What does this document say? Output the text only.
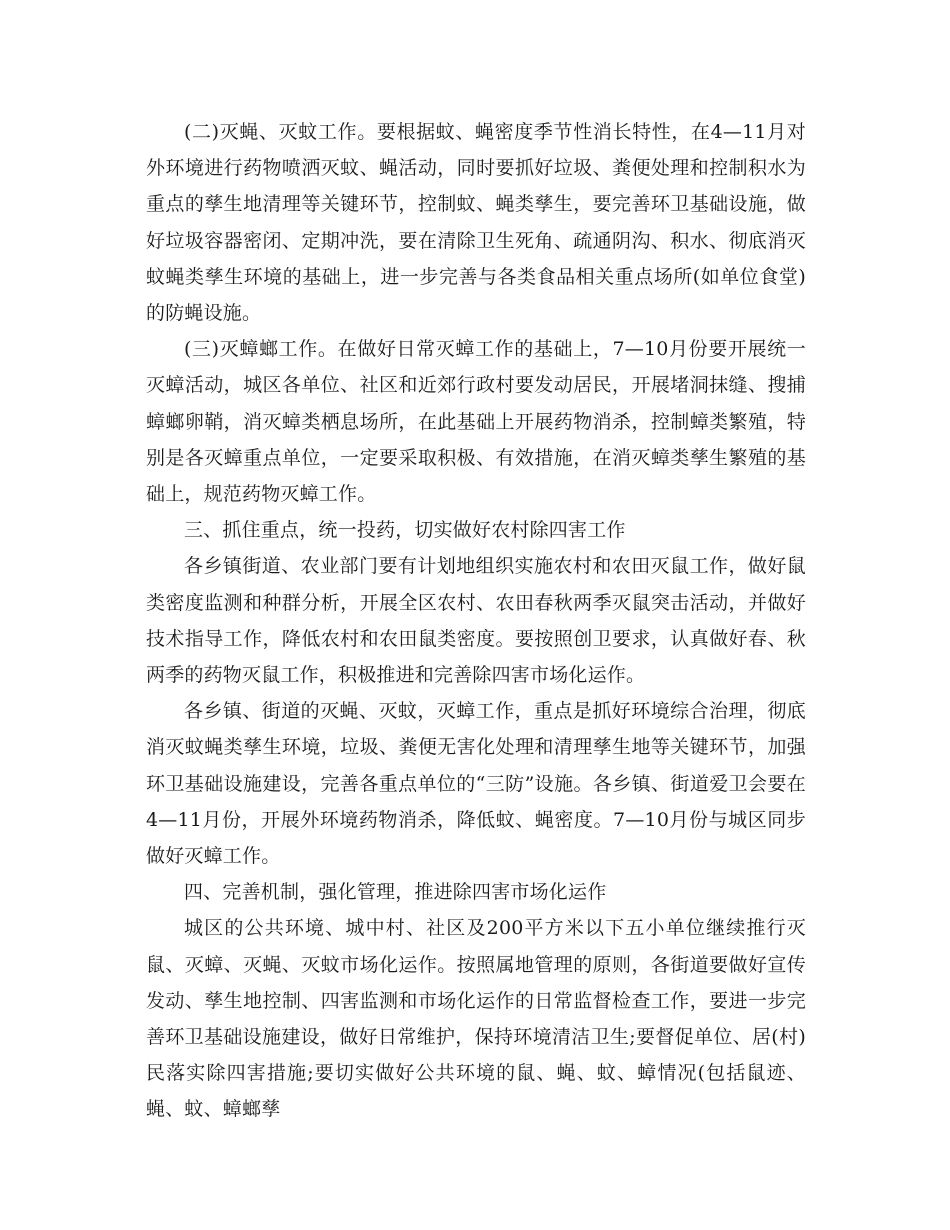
(二)灭蝇、灭蚊工作。要根据蚊、蝇密度季节性消长特性，在4—11月对外环境进行药物喷洒灭蚊、蝇活动，同时要抓好垃圾、粪便处理和控制积水为重点的孳生地清理等关键环节，控制蚊、蝇类孳生，要完善环卫基础设施，做好垃圾容器密闭、定期冲洗，要在清除卫生死角、疏通阴沟、积水、彻底消灭蚊蝇类孳生环境的基础上，进一步完善与各类食品相关重点场所(如单位食堂)的防蝇设施。

(三)灭蟑螂工作。在做好日常灭蟑工作的基础上，7—10月份要开展统一灭蟑活动，城区各单位、社区和近郊行政村要发动居民，开展堵洞抹缝、搜捕蟑螂卵鞘，消灭蟑类栖息场所，在此基础上开展药物消杀，控制蟑类繁殖，特别是各灭蟑重点单位，一定要采取积极、有效措施，在消灭蟑类孳生繁殖的基础上，规范药物灭蟑工作。

三、抓住重点，统一投药，切实做好农村除四害工作

各乡镇街道、农业部门要有计划地组织实施农村和农田灭鼠工作，做好鼠类密度监测和种群分析，开展全区农村、农田春秋两季灭鼠突击活动，并做好技术指导工作，降低农村和农田鼠类密度。要按照创卫要求，认真做好春、秋两季的药物灭鼠工作，积极推进和完善除四害市场化运作。

各乡镇、街道的灭蝇、灭蚊，灭蟑工作，重点是抓好环境综合治理，彻底消灭蚊蝇类孳生环境，垃圾、粪便无害化处理和清理孳生地等关键环节，加强环卫基础设施建设，完善各重点单位的“三防”设施。各乡镇、街道爱卫会要在4—11月份，开展外环境药物消杀，降低蚊、蝇密度。7—10月份与城区同步做好灭蟑工作。

四、完善机制，强化管理，推进除四害市场化运作

城区的公共环境、城中村、社区及200平方米以下五小单位继续推行灭鼠、灭蟑、灭蝇、灭蚊市场化运作。按照属地管理的原则，各街道要做好宣传发动、孳生地控制、四害监测和市场化运作的日常监督检查工作，要进一步完善环卫基础设施建设，做好日常维护，保持环境清洁卫生;要督促单位、居(村)民落实除四害措施;要切实做好公共环境的鼠、蝇、蚊、蟑情况(包括鼠迹、蝇、蚊、蟑螂孳
